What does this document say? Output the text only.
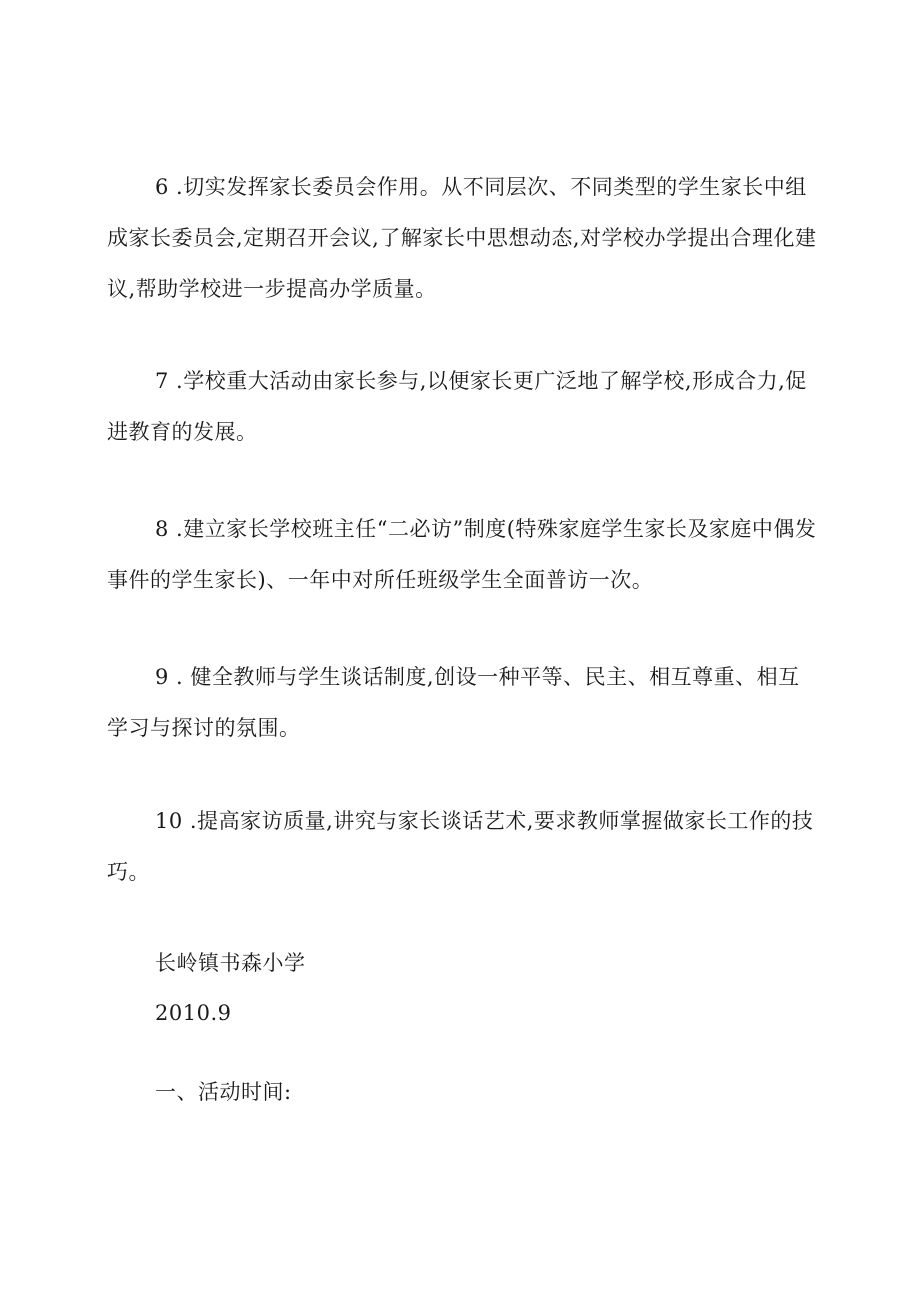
6 .切实发挥家长委员会作用。从不同层次、不同类型的学生家长中组成家长委员会,定期召开会议,了解家长中思想动态,对学校办学提出合理化建议,帮助学校进一步提高办学质量。

7 .学校重大活动由家长参与,以便家长更广泛地了解学校,形成合力,促进教育的发展。

8 .建立家长学校班主任“二必访”制度(特殊家庭学生家长及家庭中偶发事件的学生家长)、一年中对所任班级学生全面普访一次。

9 . 健全教师与学生谈话制度,创设一种平等、民主、相互尊重、相互学习与探讨的氛围。

10 .提高家访质量,讲究与家长谈话艺术,要求教师掌握做家长工作的技巧。

长岭镇书森小学

2010.9

一、活动时间:
